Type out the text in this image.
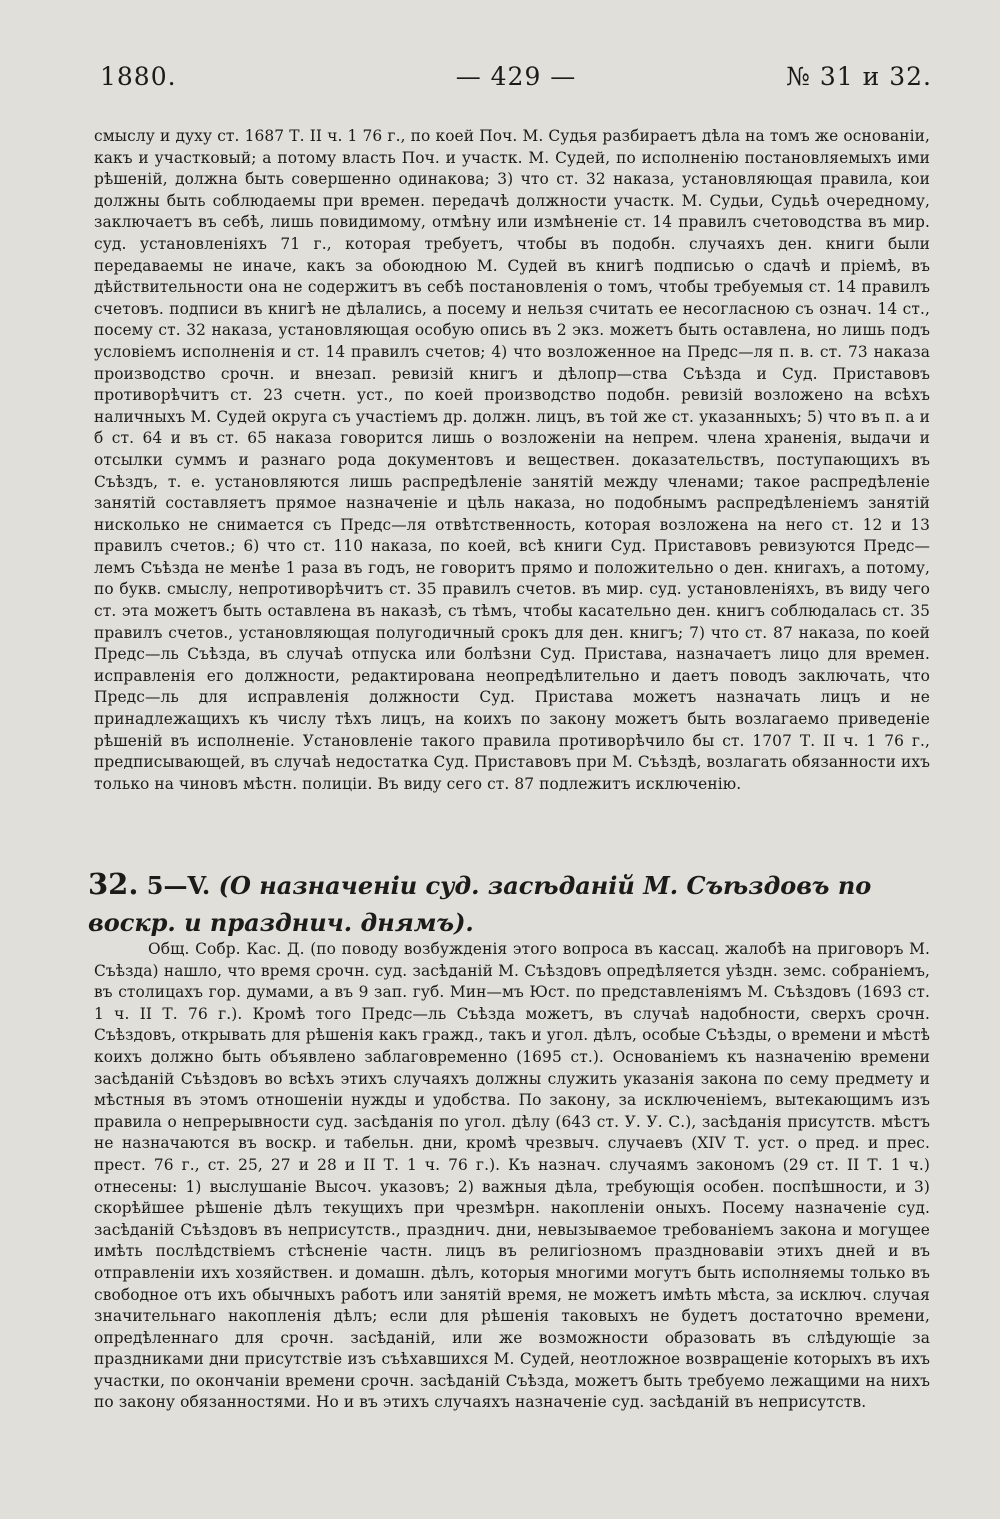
1880.	— 429 —	№ 31 и 32.

смыслу и духу ст. 1687 Т. II ч. 1 76 г., по коей Поч. М. Судья разбираетъ дѣла на томъ же основаніи, какъ и участковый; а потому власть Поч. и участк. М. Судей, по исполненію постановляемыхъ ими рѣшеній, должна быть совершенно одинакова; 3) что ст. 32 наказа, установляющая правила, кои должны быть соблюдаемы при времен. передачѣ должности участк. М. Судьи, Судьѣ очередному, заключаетъ въ себѣ, лишь повидимому, отмѣну или измѣненіе ст. 14 правилъ счетоводства въ мир. суд. установленіяхъ 71 г., которая требуетъ, чтобы въ подобн. случаяхъ ден. книги были передаваемы не иначе, какъ за обоюдною М. Судей въ книгѣ подписью о сдачѣ и пріемѣ, въ дѣйствительности она не содержитъ въ себѣ постановленія о томъ, чтобы требуемыя ст. 14 правилъ счетовъ. подписи въ книгѣ не дѣлались, а посему и нельзя считать ее несогласною съ означ. 14 ст., посему ст. 32 наказа, установляющая особую опись въ 2 экз. можетъ быть оставлена, но лишь подъ условіемъ исполненія и ст. 14 правилъ счетов; 4) что возложенное на Предс—ля п. в. ст. 73 наказа производство срочн. и внезап. ревизій книгъ и дѣлопр—ства Съѣзда и Суд. Приставовъ противорѣчитъ ст. 23 счетн. уст., по коей производство подобн. ревизій возложено на всѣхъ наличныхъ М. Судей округа съ участіемъ др. должн. лицъ, въ той же ст. указанныхъ; 5) что въ п. а и б ст. 64 и въ ст. 65 наказа говорится лишь о возложеніи на непрем. члена храненія, выдачи и отсылки суммъ и разнаго рода документовъ и веществен. доказательствъ, поступающихъ въ Съѣздъ, т. е. установляются лишь распредѣленіе занятій между членами; такое распредѣленіе занятій составляетъ прямое назначеніе и цѣль наказа, но подобнымъ распредѣленіемъ занятій нисколько не снимается съ Предс—ля отвѣтственность, которая возложена на него ст. 12 и 13 правилъ счетов.; 6) что ст. 110 наказа, по коей, всѣ книги Суд. Приставовъ ревизуются Предс—лемъ Съѣзда не менѣе 1 раза въ годъ, не говоритъ прямо и положительно о ден. книгахъ, а потому, по букв. смыслу, непротиворѣчитъ ст. 35 правилъ счетов. въ мир. суд. установленіяхъ, въ виду чего ст. эта можетъ быть оставлена въ наказѣ, съ тѣмъ, чтобы касательно ден. книгъ соблюдалась ст. 35 правилъ счетов., установляющая полугодичный срокъ для ден. книгъ; 7) что ст. 87 наказа, по коей Предс—ль Съѣзда, въ случаѣ отпуска или болѣзни Суд. Пристава, назначаетъ лицо для времен. исправленія его должности, редактирована неопредѣлительно и даетъ поводъ заключать, что Предс—ль для исправленія должности Суд. Пристава можетъ назначать лицъ и не принадлежащихъ къ числу тѣхъ лицъ, на коихъ по закону можетъ быть возлагаемо приведеніе рѣшеній въ исполненіе. Установленіе такого правила противорѣчило бы ст. 1707 Т. II ч. 1 76 г., предписывающей, въ случаѣ недостатка Суд. Приставовъ при М. Съѣздѣ, возлагать обязанности ихъ только на чиновъ мѣстн. полиціи. Въ виду сего ст. 87 подлежитъ исключенію.

32. 5—V. (О назначеніи суд. засѣданій М. Съѣздовъ по воскр. и празднич. днямъ).

Общ. Собр. Кас. Д. (по поводу возбужденія этого вопроса въ кассац. жалобѣ на приговоръ М. Съѣзда) нашло, что время срочн. суд. засѣданій М. Съѣздовъ опредѣляется уѣздн. земс. собраніемъ, въ столицахъ гор. думами, а въ 9 зап. губ. Мин—мъ Юст. по представленіямъ М. Съѣздовъ (1693 ст. 1 ч. II Т. 76 г.). Кромѣ того Предс—ль Съѣзда можетъ, въ случаѣ надобности, сверхъ срочн. Съѣздовъ, открывать для рѣшенія какъ гражд., такъ и угол. дѣлъ, особые Съѣзды, о времени и мѣстѣ коихъ должно быть объявлено заблаговременно (1695 ст.). Основаніемъ къ назначенію времени засѣданій Съѣздовъ во всѣхъ этихъ случаяхъ должны служить указанія закона по сему предмету и мѣстныя въ этомъ отношеніи нужды и удобства. По закону, за исключеніемъ, вытекающимъ изъ правила о непрерывности суд. засѣданія по угол. дѣлу (643 ст. У. У. С.), засѣданія присутств. мѣстъ не назначаются въ воскр. и табельн. дни, кромѣ чрезвыч. случаевъ (XIV Т. уст. о пред. и прес. прест. 76 г., ст. 25, 27 и 28 и II Т. 1 ч. 76 г.). Къ назнач. случаямъ закономъ (29 ст. II Т. 1 ч.) отнесены: 1) выслушаніе Высоч. указовъ; 2) важныя дѣла, требующія особен. поспѣшности, и 3) скорѣйшее рѣшеніе дѣлъ текущихъ при чрезмѣрн. накопленіи оныхъ. Посему назначеніе суд. засѣданій Съѣздовъ въ неприсутств., празднич. дни, невызываемое требованіемъ закона и могущее имѣть послѣдствіемъ стѣсненіе частн. лицъ въ религіозномъ праздновавіи этихъ дней и въ отправленіи ихъ хозяйствен. и домашн. дѣлъ, которыя многими могутъ быть исполняемы только въ свободное отъ ихъ обычныхъ работъ или занятій время, не можетъ имѣть мѣста, за исключ. случая значительнаго накопленія дѣлъ; если для рѣшенія таковыхъ не будетъ достаточно времени, опредѣленнаго для срочн. засѣданій, или же возможности образовать въ слѣдующіе за праздниками дни присутствіе изъ съѣхавшихся М. Судей, неотложное возвращеніе которыхъ въ ихъ участки, по окончаніи времени срочн. засѣданій Съѣзда, можетъ быть требуемо лежащими на нихъ по закону обязанностями. Но и въ этихъ случаяхъ назначеніе суд. засѣданій въ неприсутств.
